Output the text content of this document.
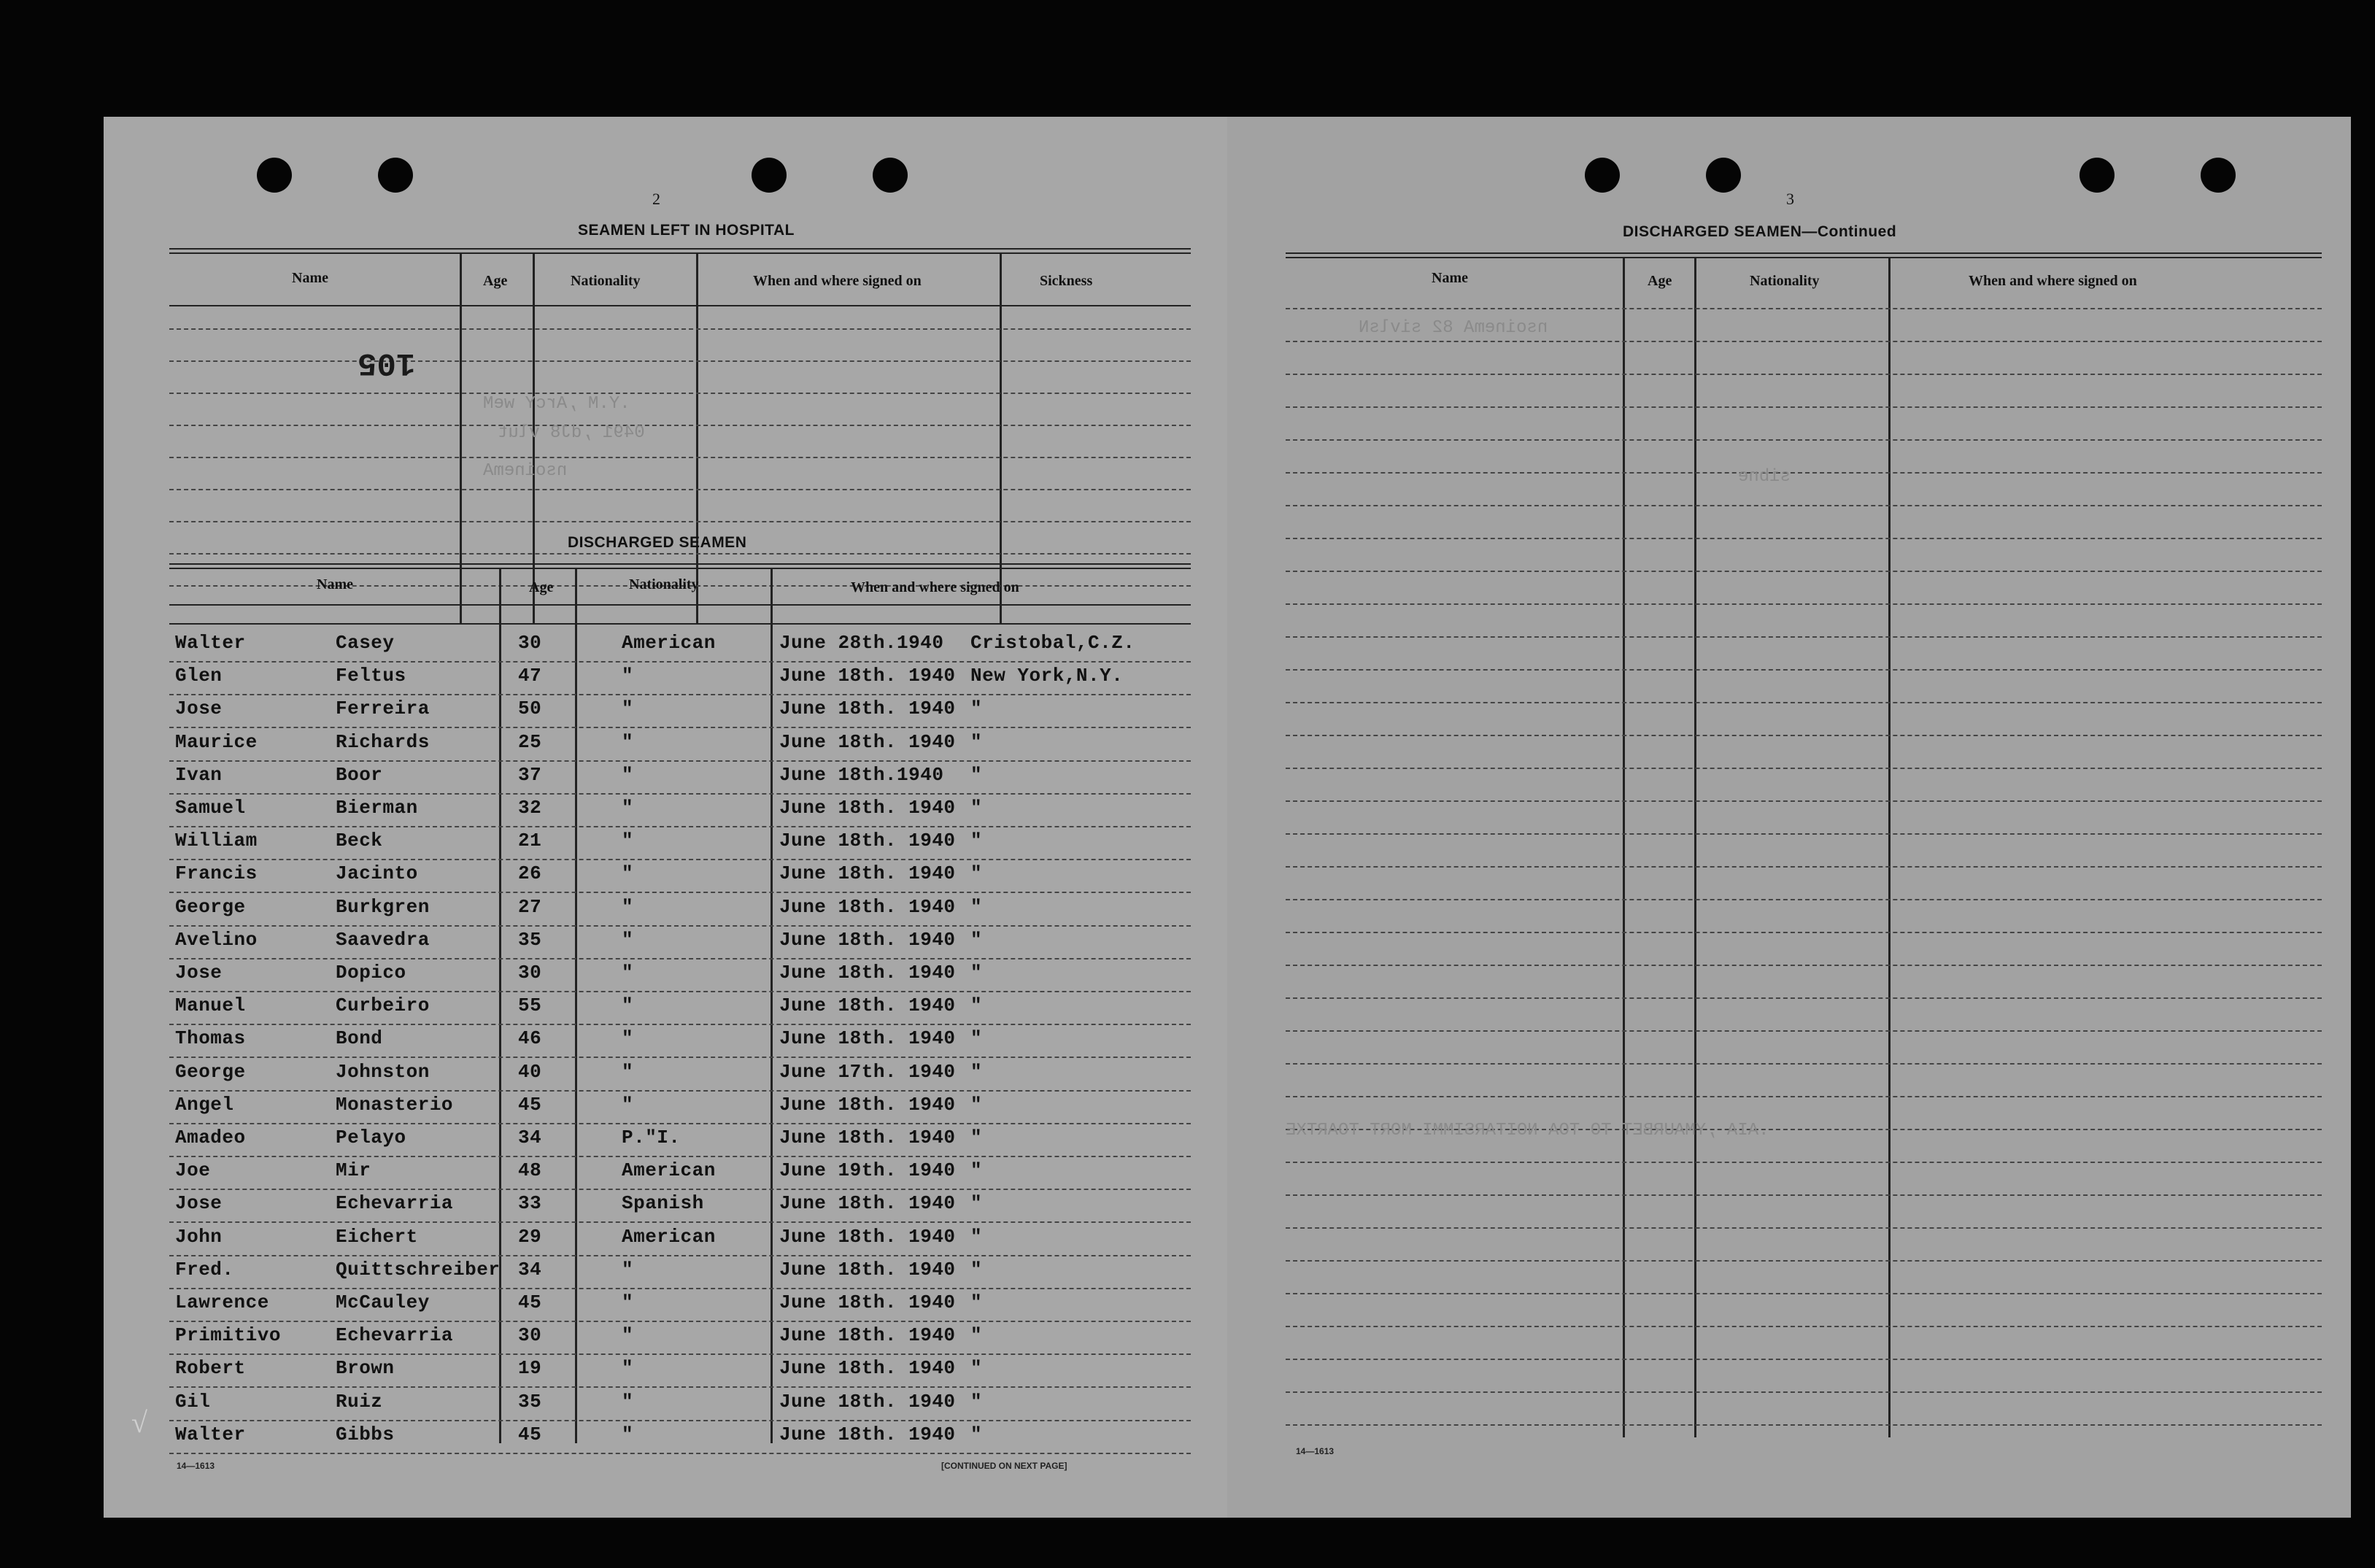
2
SEAMEN LEFT IN HOSPITAL
Name	Age	Nationality	When and where signed on	Sickness
105
.Y.M ,ArcY weM
0491 ,dJ8 vlut
nsoinemA
DISCHARGED SEAMEN
Name	Age	Nationality	When and where signed on
Walter	Casey	30	American	June 28th.1940 Cristobal,C.Z.
Glen	Feltus	47	"	June 18th. 1940 New York,N.Y.
Jose	Ferreira	50	"	June 18th. 1940 "
Maurice	Richards	25	"	June 18th. 1940 "
Ivan	Boor	37	"	June 18th.1940 "
Samuel	Bierman	32	"	June 18th. 1940 "
William	Beck	21	"	June 18th. 1940 "
Francis	Jacinto	26	"	June 18th. 1940 "
George	Burkgren	27	"	June 18th. 1940 "
Avelino	Saavedra	35	"	June 18th. 1940 "
Jose	Dopico	30	"	June 18th. 1940 "
Manuel	Curbeiro	55	"	June 18th. 1940 "
Thomas	Bond	46	"	June 18th. 1940 "
George	Johnston	40	"	June 17th. 1940 "
Angel	Monasterio	45	"	June 18th. 1940 "
Amadeo	Pelayo	34	P."I.	June 18th. 1940 "
Joe	Mir	48	American	June 19th. 1940 "
Jose	Echevarria	33	Spanish	June 18th. 1940 "
John	Eichert	29	American	June 18th. 1940 "
Fred.	Quittschreiber 34	"	June 18th. 1940 "
Lawrence	McCauley	45	"	June 18th. 1940 "
Primitivo	Echevarria	30	"	June 18th. 1940 "
Robert	Brown	19	"	June 18th. 1940 "
Gil	Ruiz	35	"	June 18th. 1940 "
Walter	Gibbs	45	"	June 18th. 1940 "
14—1613	[CONTINUED ON NEXT PAGE]
√
3
DISCHARGED SEAMEN—Continued
Name	Age	Nationality	When and where signed on
nsoinemA 82 sivlsN
sibne
.AIA ,YMAURBET TO TOA NOITARSIMMI MORT TOARTXE
14—1613
